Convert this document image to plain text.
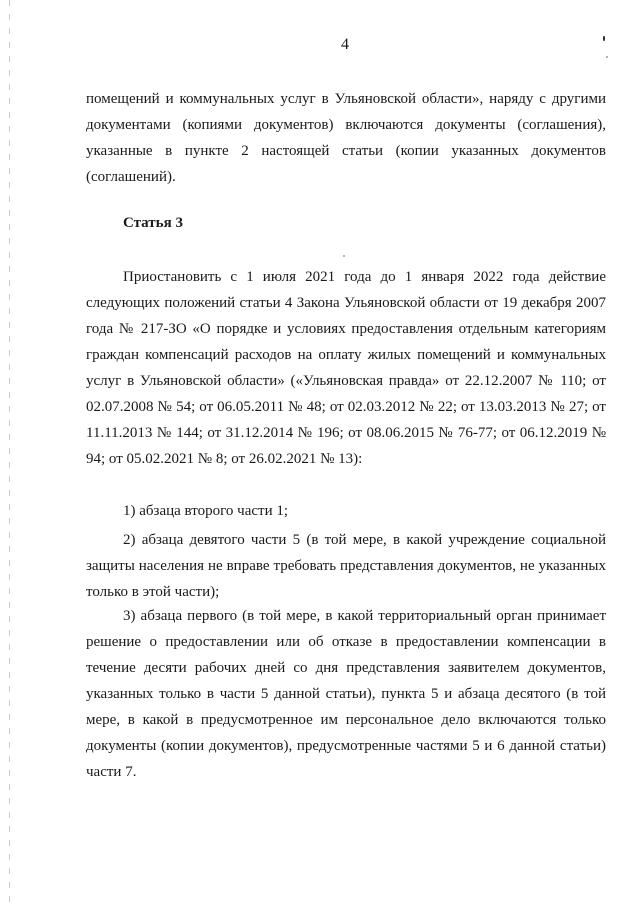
4
помещений и коммунальных услуг в Ульяновской области», наряду с другими документами (копиями документов) включаются документы (соглашения), указанные в пункте 2 настоящей статьи (копии указанных документов (соглашений).
Статья 3
Приостановить с 1 июля 2021 года до 1 января 2022 года действие следующих положений статьи 4 Закона Ульяновской области от 19 декабря 2007 года № 217-ЗО «О порядке и условиях предоставления отдельным категориям граждан компенсаций расходов на оплату жилых помещений и коммунальных услуг в Ульяновской области» («Ульяновская правда» от 22.12.2007 № 110; от 02.07.2008 № 54; от 06.05.2011 № 48; от 02.03.2012 № 22; от 13.03.2013 № 27; от 11.11.2013 № 144; от 31.12.2014 № 196; от 08.06.2015 № 76-77; от 06.12.2019 № 94; от 05.02.2021 № 8; от 26.02.2021 № 13):
1) абзаца второго части 1;
2) абзаца девятого части 5 (в той мере, в какой учреждение социальной защиты населения не вправе требовать представления документов, не указанных только в этой части);
3) абзаца первого (в той мере, в какой территориальный орган принимает решение о предоставлении или об отказе в предоставлении компенсации в течение десяти рабочих дней со дня представления заявителем документов, указанных только в части 5 данной статьи), пункта 5 и абзаца десятого (в той мере, в какой в предусмотренное им персональное дело включаются только документы (копии документов), предусмотренные частями 5 и 6 данной статьи) части 7.
